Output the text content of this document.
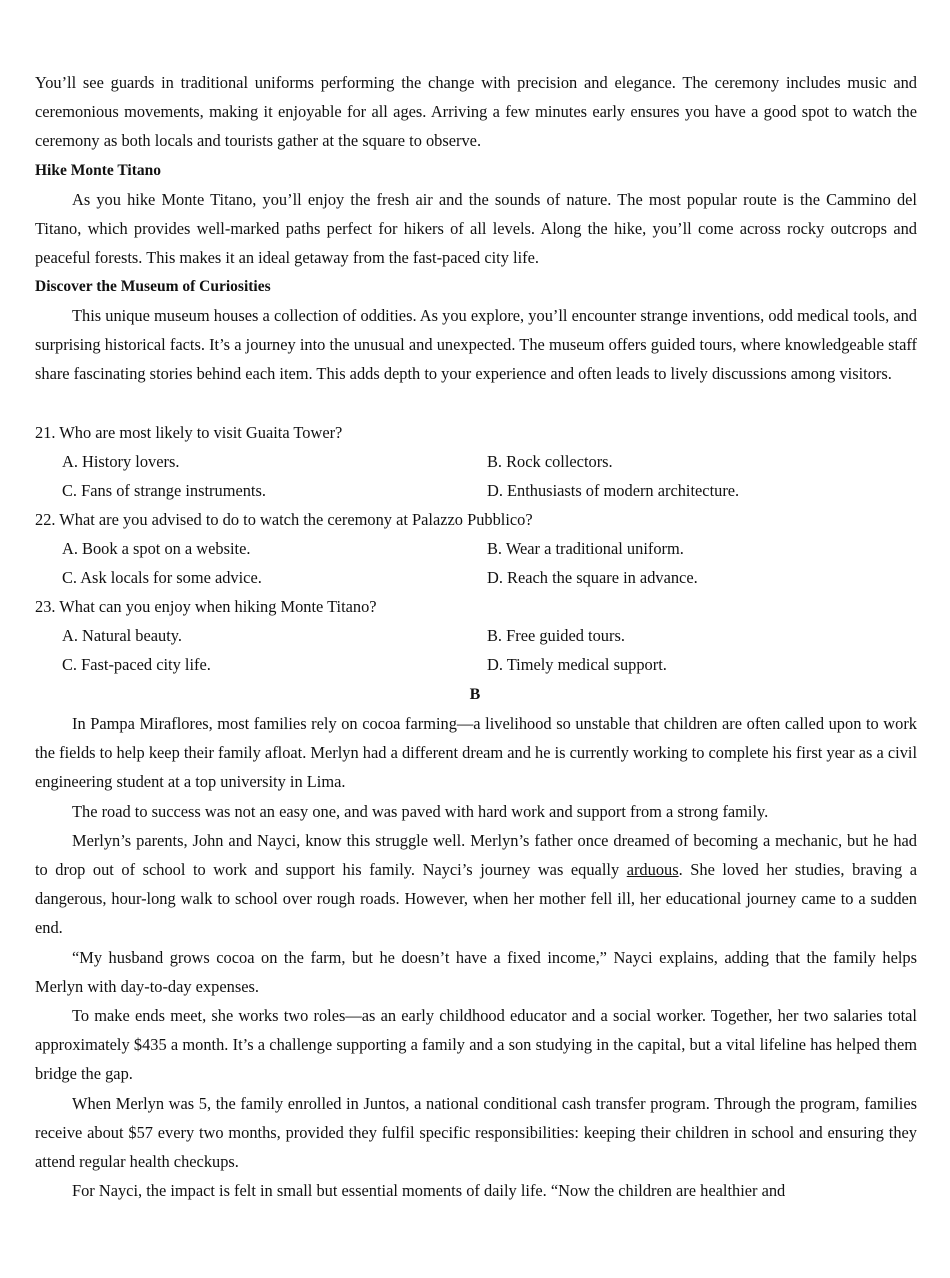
You’ll see guards in traditional uniforms performing the change with precision and elegance. The ceremony includes music and ceremonious movements, making it enjoyable for all ages. Arriving a few minutes early ensures you have a good spot to watch the ceremony as both locals and tourists gather at the square to observe.

Hike Monte Titano

As you hike Monte Titano, you’ll enjoy the fresh air and the sounds of nature. The most popular route is the Cammino del Titano, which provides well-marked paths perfect for hikers of all levels. Along the hike, you’ll come across rocky outcrops and peaceful forests. This makes it an ideal getaway from the fast-paced city life.

Discover the Museum of Curiosities

This unique museum houses a collection of oddities. As you explore, you’ll encounter strange inventions, odd medical tools, and surprising historical facts. It’s a journey into the unusual and unexpected. The museum offers guided tours, where knowledgeable staff share fascinating stories behind each item. This adds depth to your experience and often leads to lively discussions among visitors.

21. Who are most likely to visit Guaita Tower?

A. History lovers.	B. Rock collectors.
C. Fans of strange instruments.	D. Enthusiasts of modern architecture.

22. What are you advised to do to watch the ceremony at Palazzo Pubblico?

A. Book a spot on a website.	B. Wear a traditional uniform.
C. Ask locals for some advice.	D. Reach the square in advance.

23. What can you enjoy when hiking Monte Titano?

A. Natural beauty.	B. Free guided tours.
C. Fast-paced city life.	D. Timely medical support.

B

In Pampa Miraflores, most families rely on cocoa farming—a livelihood so unstable that children are often called upon to work the fields to help keep their family afloat. Merlyn had a different dream and he is currently working to complete his first year as a civil engineering student at a top university in Lima.

The road to success was not an easy one, and was paved with hard work and support from a strong family.

Merlyn’s parents, John and Nayci, know this struggle well. Merlyn’s father once dreamed of becoming a mechanic, but he had to drop out of school to work and support his family. Nayci’s journey was equally arduous. She loved her studies, braving a dangerous, hour-long walk to school over rough roads. However, when her mother fell ill, her educational journey came to a sudden end.

“My husband grows cocoa on the farm, but he doesn’t have a fixed income,” Nayci explains, adding that the family helps Merlyn with day-to-day expenses.

To make ends meet, she works two roles—as an early childhood educator and a social worker. Together, her two salaries total approximately $435 a month. It’s a challenge supporting a family and a son studying in the capital, but a vital lifeline has helped them bridge the gap.

When Merlyn was 5, the family enrolled in Juntos, a national conditional cash transfer program. Through the program, families receive about $57 every two months, provided they fulfil specific responsibilities: keeping their children in school and ensuring they attend regular health checkups.

For Nayci, the impact is felt in small but essential moments of daily life. “Now the children are healthier and
